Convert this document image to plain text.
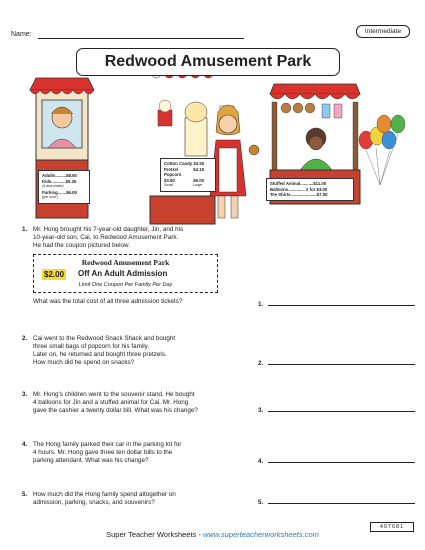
Name:	Intermediate
Redwood Amusement Park
Adults.........$8.50
Kids............$5.25
(4 and under)
Parking.......$6.00
(per hour)
Cotton Candy $3.50
Pretzel	$4.15
Popcorn
$3.50	$6.00
Small	Large	Stuffed Animal...........$11.00
Balloons.............. 2 for $3.00
Tee Shirts......................$7.00
1. Mr. Hong brought his 7-year-old daughter, Jin, and his
10-year-old son, Cai, to Redwood Amusement Park.
He had the coupon pictured below.
Redwood Amusement Park
$2.00 Off An Adult Admission
Limit One Coupon Per Family Per Day
What was the total cost of all three admission tickets?	1.
2. Cai went to the Redwood Snack Shack and bought
three small bags of popcorn for his family.
Later on, he returned and bought three pretzels.
How much did he spend on snacks?	2.
3. Mr. Hong's children went to the souvenir stand. He bought
4 balloons for Jin and a stuffed animal for Cai. Mr. Hong
gave the cashier a twenty dollar bill. What was his change?	3.
4. The Hong family parked their car in the parking lot for
4 hours. Mr. Hong gave three ten dollar bills to the
parking attendant. What was his change?	4.
5. How much did the Hong family spend altogether on
admission, parking, snacks, and souvenirs?	5.
497681
Super Teacher Worksheets - www.superteacherworksheets.com
